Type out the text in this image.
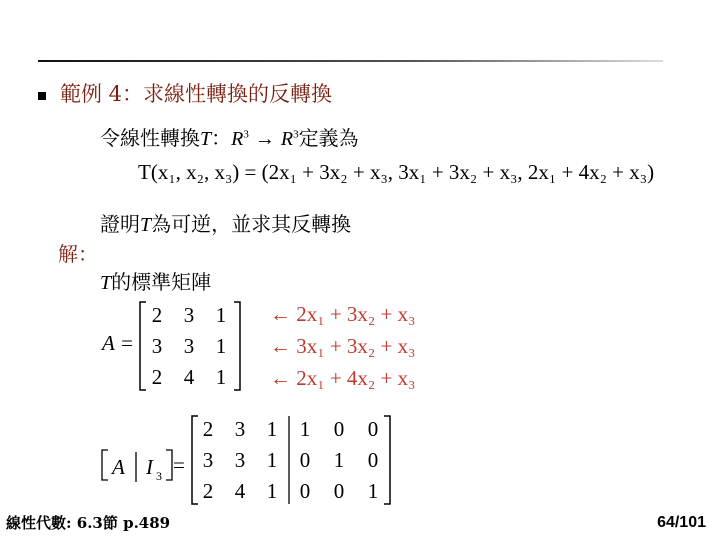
範例 4：求線性轉換的反轉換
令線性轉換T：$R^3 \to R^3$定義為
T(x₁, x₂, x₃) = (2x₁ + 3x₂ + x₃, 3x₁ + 3x₂ + x₃, 2x₁ + 4x₂ + x₃)
證明T為可逆，並求其反轉換
解：
T的標準矩陣
A =
2 3 1
3 3 1
2 4 1
← 2x₁ + 3x₂ + x₃
← 3x₁ + 3x₂ + x₃
← 2x₁ + 4x₂ + x₃
A I 3 =
2 3 1 1 0 0
3 3 1 0 1 0
2 4 1 0 0 1
線性代數: 6.3節 p.489	64/101
